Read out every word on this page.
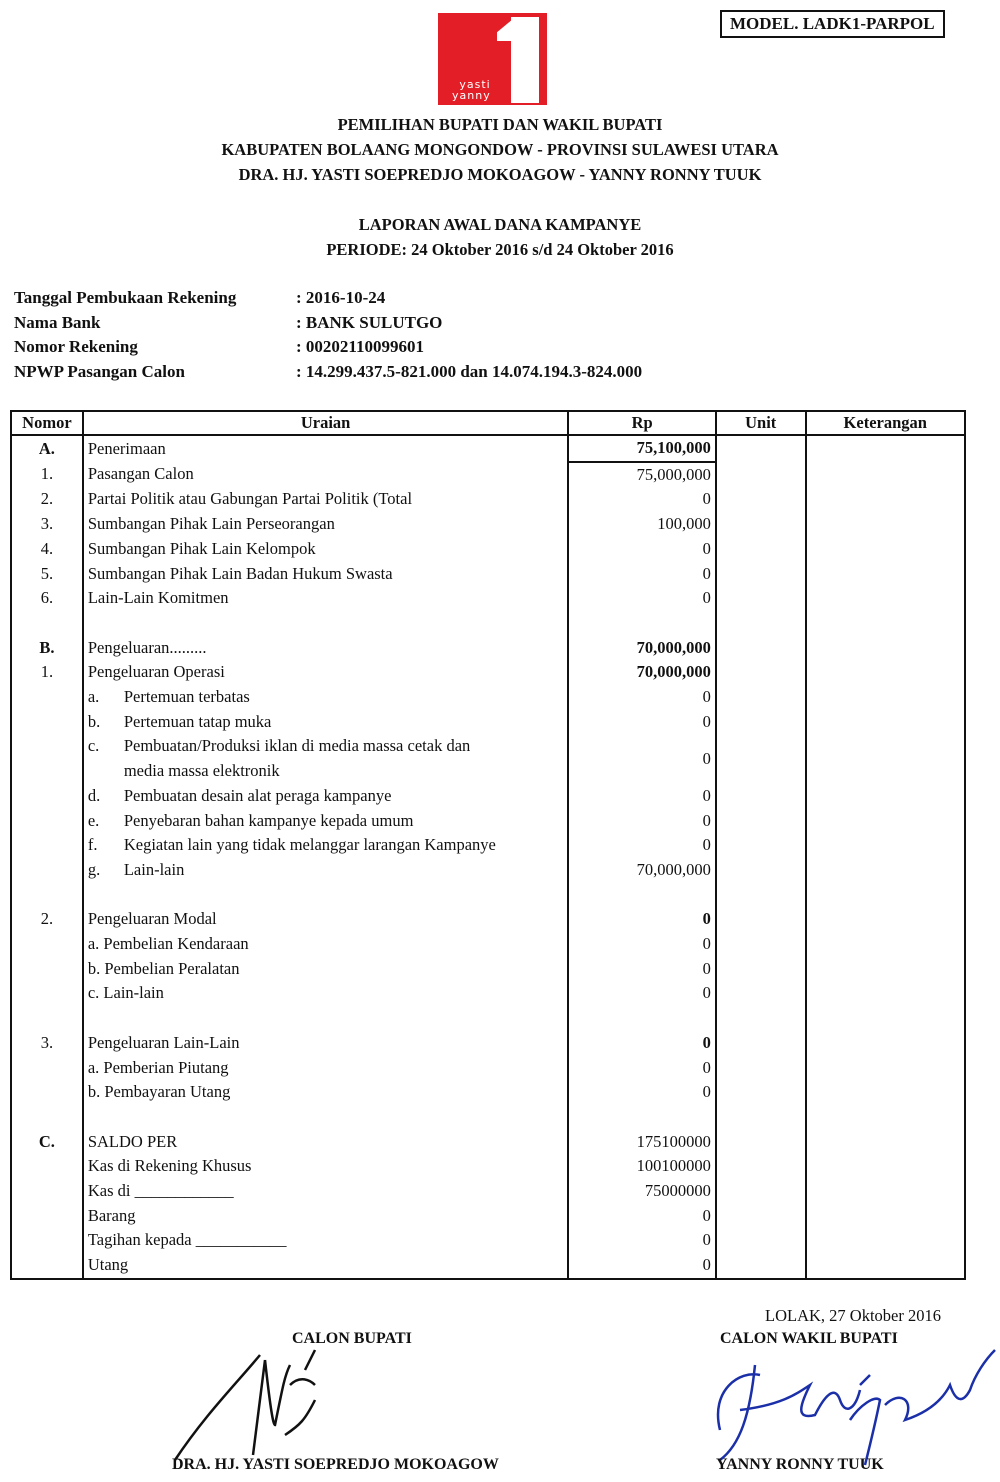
yasti
yanny
MODEL. LADK1-PARPOL
PEMILIHAN BUPATI DAN WAKIL BUPATI
KABUPATEN BOLAANG MONGONDOW - PROVINSI SULAWESI UTARA
DRA. HJ. YASTI SOEPREDJO MOKOAGOW - YANNY RONNY TUUK
LAPORAN AWAL DANA KAMPANYE
PERIODE: 24 Oktober 2016 s/d 24 Oktober 2016
Tanggal Pembukaan Rekening	: 2016-10-24
Nama Bank	: BANK SULUTGO
Nomor Rekening	: 00202110099601
NPWP Pasangan Calon	: 14.299.437.5-821.000 dan 14.074.194.3-824.000
Nomor	Uraian	Rp	Unit	Keterangan
A.	Penerimaan	75,100,000		
1.	Pasangan Calon	75,000,000		
2.	Partai Politik atau Gabungan Partai Politik (Total	0		
3.	Sumbangan Pihak Lain Perseorangan	100,000		
4.	Sumbangan Pihak Lain Kelompok	0		
5.	Sumbangan Pihak Lain Badan Hukum Swasta	0		
6.	Lain-Lain Komitmen	0		

B.	Pengeluaran.........	70,000,000		
1.	Pengeluaran Operasi	70,000,000		
	a. Pertemuan terbatas	0		
	b. Pertemuan tatap muka	0		
	c. Pembuatan/Produksi iklan di media massa cetak dan
media massa elektronik	0		
	d. Pembuatan desain alat peraga kampanye	0		
	e. Penyebaran bahan kampanye kepada umum	0		
	f. Kegiatan lain yang tidak melanggar larangan Kampanye	0		
	g. Lain-lain	70,000,000		

2.	Pengeluaran Modal	0		
	a. Pembelian Kendaraan	0		
	b. Pembelian Peralatan	0		
	c. Lain-lain	0		

3.	Pengeluaran Lain-Lain	0		
	a. Pemberian Piutang	0		
	b. Pembayaran Utang	0		

C.	SALDO PER	175100000		
	Kas di Rekening Khusus	100100000		
	Kas di ____________	75000000		
	Barang	0		
	Tagihan kepada ___________	0		
	Utang	0		
LOLAK, 27 Oktober 2016
CALON BUPATI	CALON WAKIL BUPATI
DRA. HJ. YASTI SOEPREDJO MOKOAGOW	YANNY RONNY TUUK
